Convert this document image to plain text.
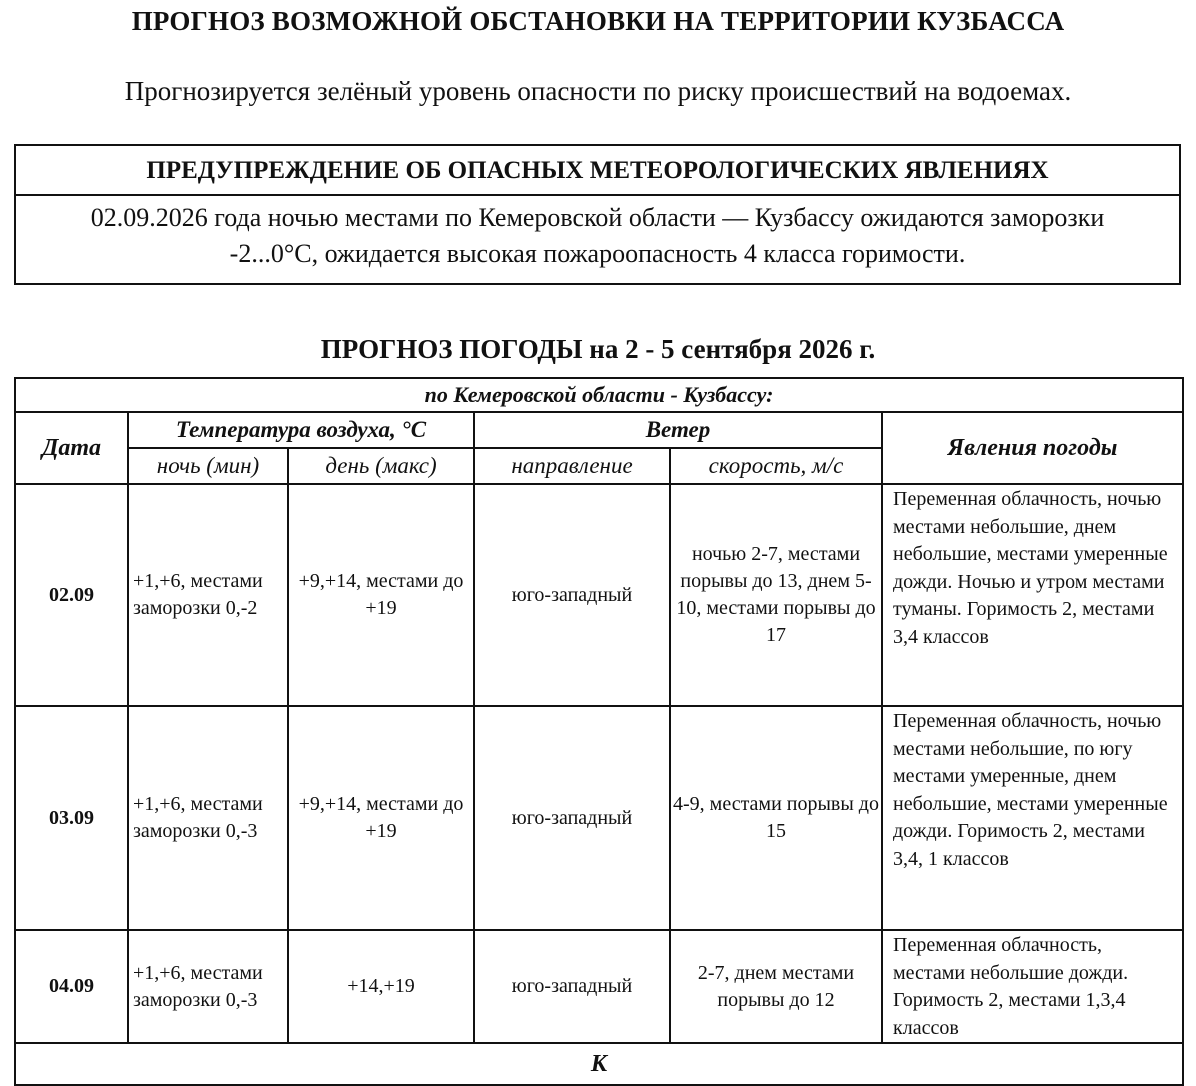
ПРОГНОЗ ВОЗМОЖНОЙ ОБСТАНОВКИ НА ТЕРРИТОРИИ КУЗБАССА
Прогнозируется зелёный уровень опасности по риску происшествий на водоемах.
ПРЕДУПРЕЖДЕНИЕ ОБ ОПАСНЫХ МЕТЕОРОЛОГИЧЕСКИХ ЯВЛЕНИЯХ
02.09.2026 года ночью местами по Кемеровской области — Кузбассу ожидаются заморозки -2...0°C, ожидается высокая пожароопасность 4 класса горимости.
ПРОГНОЗ ПОГОДЫ на 2 - 5 сентября 2026 г.
по Кемеровской области - Кузбассу:					
Дата	Температура воздуха, °C		Ветер		Явления погоды
	ночь (мин)	день (макс)	направление	скорость, м/с	
02.09	+1,+6, местами заморозки 0,-2	+9,+14, местами до +19	юго-западный	ночью 2-7, местами порывы до 13, днем 5-10, местами порывы до 17	Переменная облачность, ночью местами небольшие, днем небольшие, местами умеренные дожди. Ночью и утром местами туманы. Горимость 2, местами 3,4 классов
03.09	+1,+6, местами заморозки 0,-3	+9,+14, местами до +19	юго-западный	4-9, местами порывы до 15	Переменная облачность, ночью местами небольшие, по югу местами умеренные, днем небольшие, местами умеренные дожди. Горимость 2, местами 3,4, 1 классов
04.09	+1,+6, местами заморозки 0,-3	+14,+19	юго-западный	2-7, днем местами порывы до 12	Переменная облачность, местами небольшие дожди. Горимость 2, местами 1,3,4 классов
К					
